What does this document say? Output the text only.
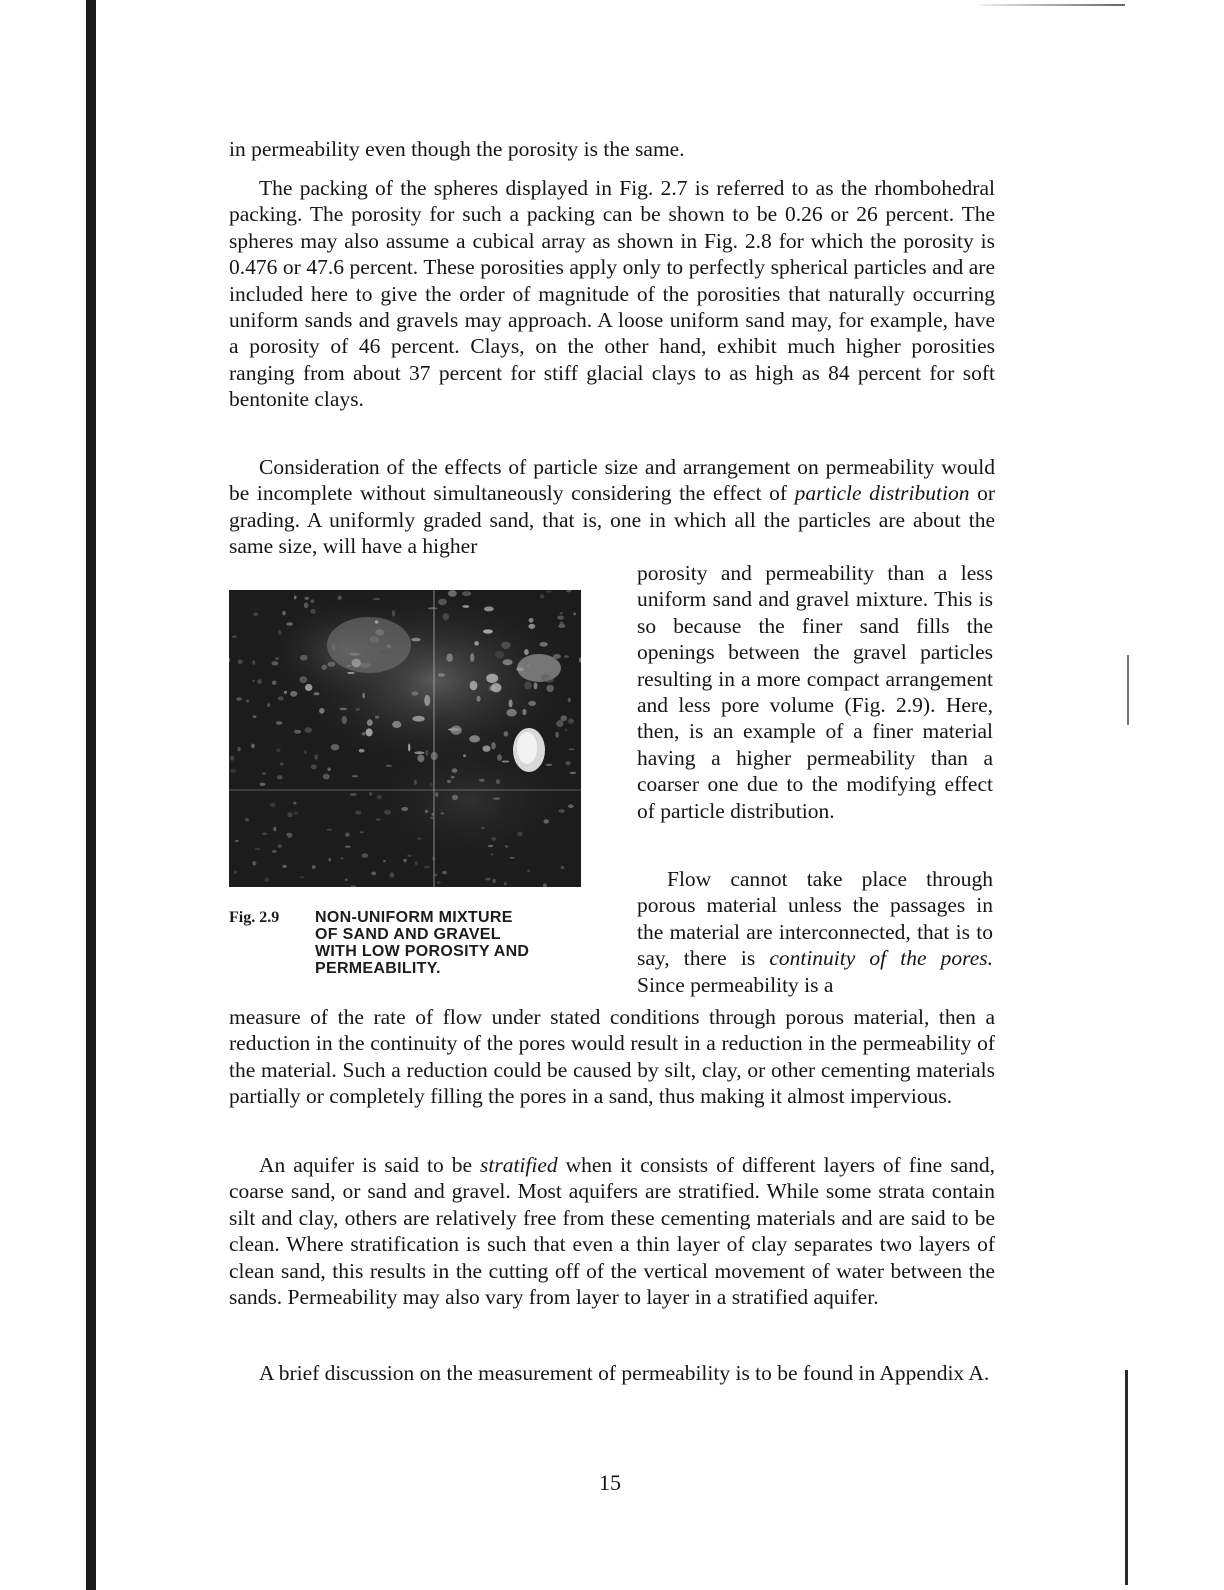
in permeability even though the porosity is the same.

The packing of the spheres displayed in Fig. 2.7 is referred to as the rhombohedral packing. The porosity for such a packing can be shown to be 0.26 or 26 percent. The spheres may also assume a cubical array as shown in Fig. 2.8 for which the porosity is 0.476 or 47.6 percent. These porosities apply only to perfectly spherical particles and are included here to give the order of magnitude of the porosities that naturally occurring uniform sands and gravels may approach. A loose uniform sand may, for example, have a porosity of 46 percent. Clays, on the other hand, exhibit much higher porosities ranging from about 37 percent for stiff glacial clays to as high as 84 percent for soft bentonite clays.

Consideration of the effects of particle size and arrangement on permeability would be incomplete without simultaneously considering the effect of particle distribution or grading. A uniformly graded sand, that is, one in which all the particles are about the same size, will have a higher

porosity and permeability than a less uniform sand and gravel mixture. This is so because the finer sand fills the openings between the gravel particles resulting in a more compact arrangement and less pore volume (Fig. 2.9). Here, then, is an example of a finer material having a higher permeability than a coarser one due to the modifying effect of particle distribution.

Fig. 2.9	NON-UNIFORM MIXTURE
OF SAND AND GRAVEL
WITH LOW POROSITY AND
PERMEABILITY.

Flow cannot take place through porous material unless the passages in the material are interconnected, that is to say, there is continuity of the pores. Since permeability is a

measure of the rate of flow under stated conditions through porous material, then a reduction in the continuity of the pores would result in a reduction in the permeability of the material. Such a reduction could be caused by silt, clay, or other cementing materials partially or completely filling the pores in a sand, thus making it almost impervious.

An aquifer is said to be stratified when it consists of different layers of fine sand, coarse sand, or sand and gravel. Most aquifers are stratified. While some strata contain silt and clay, others are relatively free from these cementing materials and are said to be clean. Where stratification is such that even a thin layer of clay separates two layers of clean sand, this results in the cutting off of the vertical movement of water between the sands. Permeability may also vary from layer to layer in a stratified aquifer.

A brief discussion on the measurement of permeability is to be found in Appendix A.

15
